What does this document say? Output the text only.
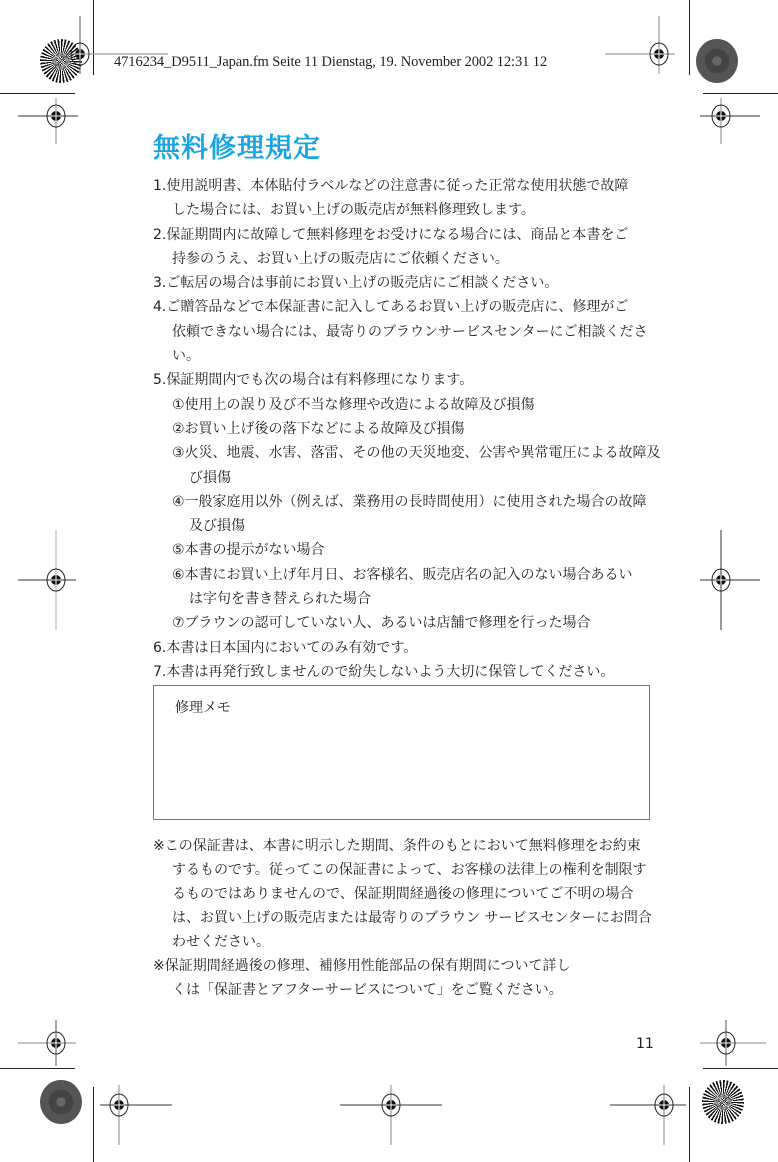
4716234_D9511_Japan.fm Seite 11 Dienstag, 19. November 2002 12:31 12
無料修理規定
1.使用説明書、本体貼付ラベルなどの注意書に従った正常な使用状態で故障
した場合には、お買い上げの販売店が無料修理致します。
2.保証期間内に故障して無料修理をお受けになる場合には、商品と本書をご
持参のうえ、お買い上げの販売店にご依頼ください。
3.ご転居の場合は事前にお買い上げの販売店にご相談ください。
4.ご贈答品などで本保証書に記入してあるお買い上げの販売店に、修理がご
依頼できない場合には、最寄りのブラウンサービスセンターにご相談くださ
い。
5.保証期間内でも次の場合は有料修理になります。
①使用上の誤り及び不当な修理や改造による故障及び損傷
②お買い上げ後の落下などによる故障及び損傷
③火災、地震、水害、落雷、その他の天災地変、公害や異常電圧による故障及
び損傷
④一般家庭用以外（例えば、業務用の長時間使用）に使用された場合の故障
及び損傷
⑤本書の提示がない場合
⑥本書にお買い上げ年月日、お客様名、販売店名の記入のない場合あるい
は字句を書き替えられた場合
⑦ブラウンの認可していない人、あるいは店舗で修理を行った場合
6.本書は日本国内においてのみ有効です。
7.本書は再発行致しませんので紛失しないよう大切に保管してください。
修理メモ
※この保証書は、本書に明示した期間、条件のもとにおいて無料修理をお約束
するものです。従ってこの保証書によって、お客様の法律上の権利を制限す
るものではありませんので、保証期間経過後の修理についてご不明の場合
は、お買い上げの販売店または最寄りのブラウン サービスセンターにお問合
わせください。
※保証期間経過後の修理、補修用性能部品の保有期間について詳し
くは「保証書とアフターサービスについて」をご覧ください。
11
